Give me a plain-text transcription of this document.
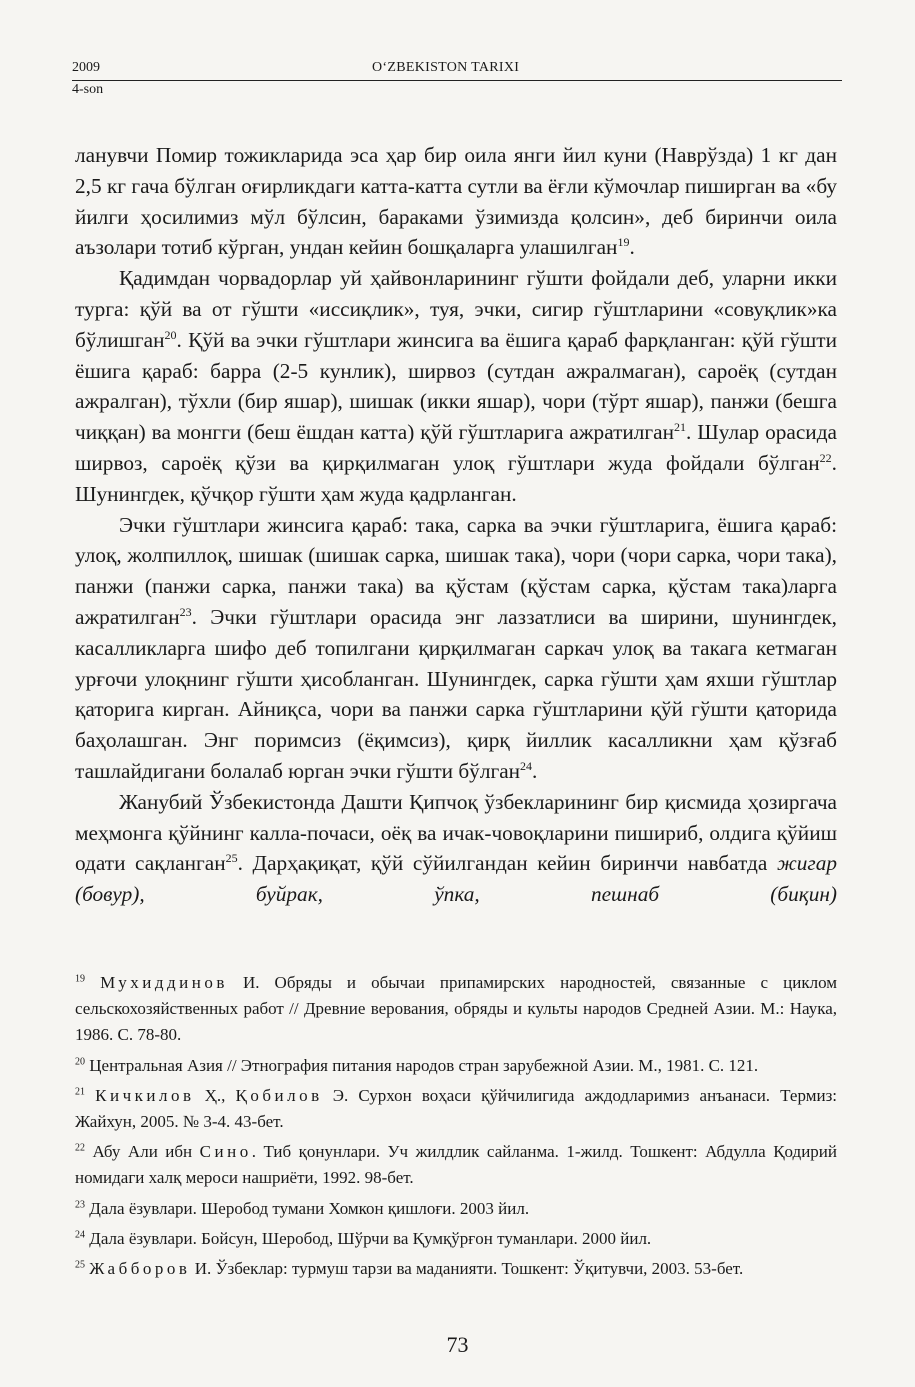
2009	O‘ZBEKISTON TARIXI
4-son

ланувчи Помир тожикларида эса ҳар бир оила янги йил куни (Наврўзда) 1 кг дан 2,5 кг гача бўлган оғирликдаги катта-катта сутли ва ёғли кўмочлар пиширган ва «бу йилги ҳосилимиз мўл бўлсин, бараками ўзимизда қолсин», деб биринчи оила аъзолари тотиб кўрган, ундан кейин бошқаларга улашилган$^{19}$.

Қадимдан чорвадорлар уй ҳайвонларининг гўшти фойдали деб, уларни икки турга: қўй ва от гўшти «иссиқлик», туя, эчки, сигир гўштларини «совуқлик»ка бўлишган$^{20}$. Қўй ва эчки гўштлари жинсига ва ёшига қараб фарқланган: қўй гўшти ёшига қараб: барра (2-5 кунлик), ширвоз (сутдан ажралмаган), сароёқ (сутдан ажралган), тўхли (бир яшар), шишак (икки яшар), чори (тўрт яшар), панжи (бешга чиққан) ва монгги (беш ёшдан катта) қўй гўштларига ажратилган$^{21}$. Шулар орасида ширвоз, сароёқ қўзи ва қирқилмаган улоқ гўштлари жуда фойдали бўлган$^{22}$. Шунингдек, қўчқор гўшти ҳам жуда қадрланган.

Эчки гўштлари жинсига қараб: така, сарка ва эчки гўштларига, ёшига қараб: улоқ, жолпиллоқ, шишак (шишак сарка, шишак така), чори (чори сарка, чори така), панжи (панжи сарка, панжи така) ва қўстам (қўстам сарка, қўстам така)ларга ажратилган$^{23}$. Эчки гўштлари орасида энг лаззатлиси ва ширини, шунингдек, касалликларга шифо деб топилгани қирқилмаган саркач улоқ ва такага кетмаган урғочи улоқнинг гўшти ҳисобланган. Шунингдек, сарка гўшти ҳам яхши гўштлар қаторига кирган. Айниқса, чори ва панжи сарка гўштларини қўй гўшти қаторида баҳолашган. Энг поримсиз (ёқимсиз), қирқ йиллик касалликни ҳам қўзғаб ташлайдигани болалаб юрган эчки гўшти бўлган$^{24}$.

Жанубий Ўзбекистонда Дашти Қипчоқ ўзбекларининг бир қисмида ҳозиргача меҳмонга қўйнинг калла-почаси, оёқ ва ичак-човоқларини пишириб, олдига қўйиш одати сақланган$^{25}$. Дарҳақиқат, қўй сўйилгандан кейин биринчи навбатда жигар (бовур), буйрак, ўпка, пешнаб (биқин)

$^{19}$ Мухиддинов И. Обряды и обычаи припамирских народностей, связанные с циклом сельскохозяйственных работ // Древние верования, обряды и культы народов Средней Азии. М.: Наука, 1986. С. 78-80.

$^{20}$ Центральная Азия // Этнография питания народов стран зарубежной Азии. М., 1981. С. 121.

$^{21}$ Кичкилов Ҳ., Қобилов Э. Сурхон воҳаси қўйчилигида аждодларимиз анъанаси. Термиз: Жайхун, 2005. № 3-4. 43-бет.

$^{22}$ Абу Али ибн Сино. Тиб қонунлари. Уч жилдлик сайланма. 1-жилд. Тошкент: Абдулла Қодирий номидаги халқ мероси нашриёти, 1992. 98-бет.

$^{23}$ Дала ёзувлари. Шеробод тумани Хомкон қишлоғи. 2003 йил.

$^{24}$ Дала ёзувлари. Бойсун, Шеробод, Шўрчи ва Қумқўрғон туманлари. 2000 йил.

$^{25}$ Жабборов И. Ўзбеклар: турмуш тарзи ва маданияти. Тошкент: Ўқитувчи, 2003. 53-бет.

73
